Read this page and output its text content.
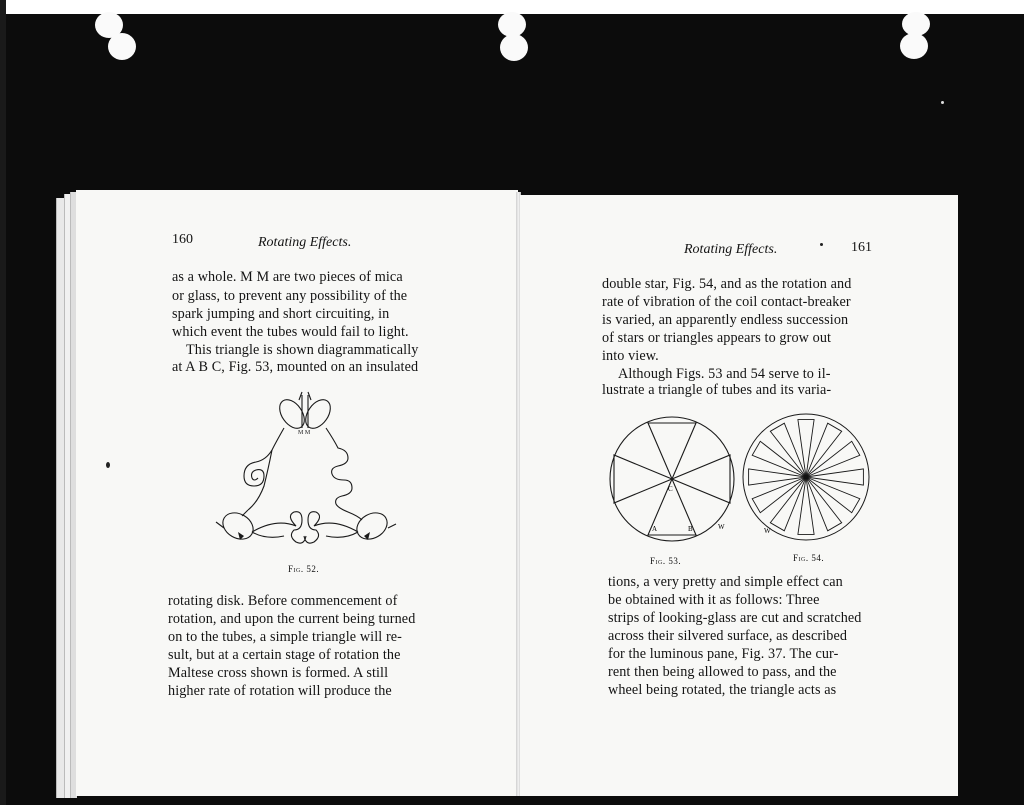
160	Rotating Effects.
as a whole. M M are two pieces of mica
or glass, to prevent any possibility of the
spark jumping and short circuiting, in
which event the tubes would fail to light.
This triangle is shown diagrammatically
at A B C, Fig. 53, mounted on an insulated
M M
Fig. 52.
rotating disk. Before commencement of
rotation, and upon the current being turned
on to the tubes, a simple triangle will re-
sult, but at a certain stage of rotation the
Maltese cross shown is formed. A still
higher rate of rotation will produce the
Rotating Effects.	161
double star, Fig. 54, and as the rotation and
rate of vibration of the coil contact-breaker
is varied, an apparently endless succession
of stars or triangles appears to grow out
into view.
Although Figs. 53 and 54 serve to il-
lustrate a triangle of tubes and its varia-
C
A	B	W
Fig. 53.
W
Fig. 54.
tions, a very pretty and simple effect can
be obtained with it as follows: Three
strips of looking-glass are cut and scratched
across their silvered surface, as described
for the luminous pane, Fig. 37. The cur-
rent then being allowed to pass, and the
wheel being rotated, the triangle acts as
